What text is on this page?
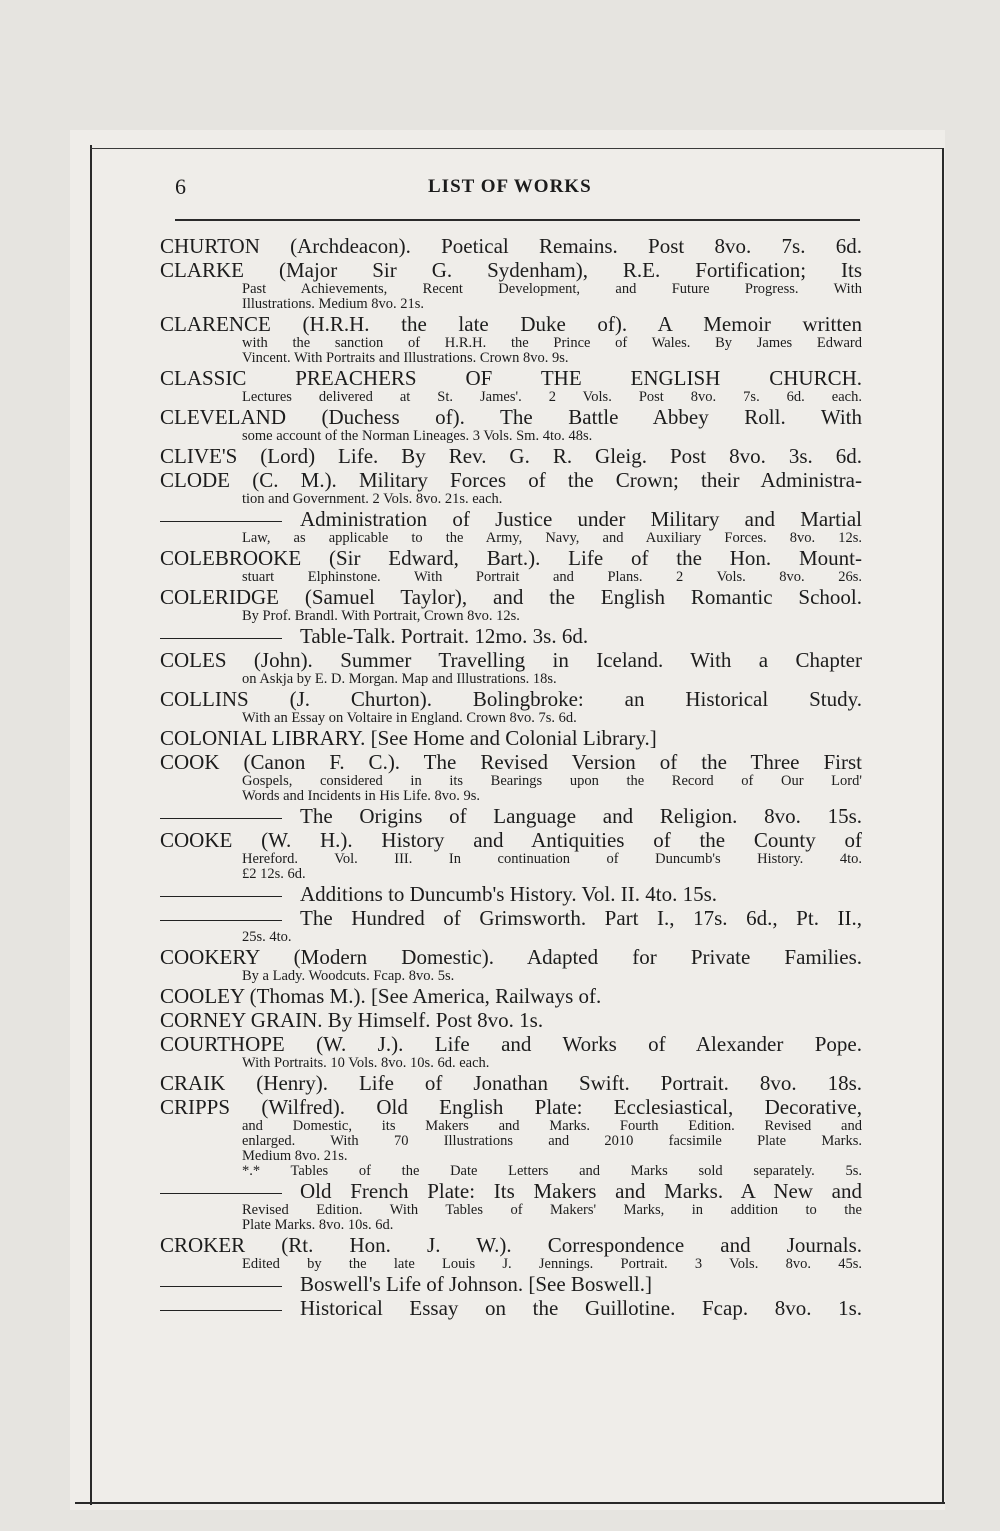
6	LIST OF WORKS

CHURTON (Archdeacon). Poetical Remains. Post 8vo. 7s. 6d.

CLARKE (Major Sir G. Sydenham), R.E. Fortification; Its

Past Achievements, Recent Development, and Future Progress. With

Illustrations. Medium 8vo. 21s.

CLARENCE (H.R.H. the late Duke of). A Memoir written

with the sanction of H.R.H. the Prince of Wales. By James Edward

Vincent. With Portraits and Illustrations. Crown 8vo. 9s.

CLASSIC PREACHERS OF THE ENGLISH CHURCH.

Lectures delivered at St. James'. 2 Vols. Post 8vo. 7s. 6d. each.

CLEVELAND (Duchess of). The Battle Abbey Roll. With

some account of the Norman Lineages. 3 Vols. Sm. 4to. 48s.

CLIVE'S (Lord) Life. By Rev. G. R. Gleig. Post 8vo. 3s. 6d.

CLODE (C. M.). Military Forces of the Crown; their Administra-

tion and Government. 2 Vols. 8vo. 21s. each.

Administration of Justice under Military and Martial

Law, as applicable to the Army, Navy, and Auxiliary Forces. 8vo. 12s.

COLEBROOKE (Sir Edward, Bart.). Life of the Hon. Mount-

stuart Elphinstone. With Portrait and Plans. 2 Vols. 8vo. 26s.

COLERIDGE (Samuel Taylor), and the English Romantic School.

By Prof. Brandl. With Portrait, Crown 8vo. 12s.

Table-Talk. Portrait. 12mo. 3s. 6d.

COLES (John). Summer Travelling in Iceland. With a Chapter

on Askja by E. D. Morgan. Map and Illustrations. 18s.

COLLINS (J. Churton). Bolingbroke: an Historical Study.

With an Essay on Voltaire in England. Crown 8vo. 7s. 6d.

COLONIAL LIBRARY. [See Home and Colonial Library.]

COOK (Canon F. C.). The Revised Version of the Three First

Gospels, considered in its Bearings upon the Record of Our Lord'

Words and Incidents in His Life. 8vo. 9s.

The Origins of Language and Religion. 8vo. 15s.

COOKE (W. H.). History and Antiquities of the County of

Hereford. Vol. III. In continuation of Duncumb's History. 4to.

£2 12s. 6d.

Additions to Duncumb's History. Vol. II. 4to. 15s.

The Hundred of Grimsworth. Part I., 17s. 6d., Pt. II.,

25s. 4to.

COOKERY (Modern Domestic). Adapted for Private Families.

By a Lady. Woodcuts. Fcap. 8vo. 5s.

COOLEY (Thomas M.). [See America, Railways of.

CORNEY GRAIN. By Himself. Post 8vo. 1s.

COURTHOPE (W. J.). Life and Works of Alexander Pope.

With Portraits. 10 Vols. 8vo. 10s. 6d. each.

CRAIK (Henry). Life of Jonathan Swift. Portrait. 8vo. 18s.

CRIPPS (Wilfred). Old English Plate: Ecclesiastical, Decorative,

and Domestic, its Makers and Marks. Fourth Edition. Revised and

enlarged. With 70 Illustrations and 2010 facsimile Plate Marks.

Medium 8vo. 21s.

*.* Tables of the Date Letters and Marks sold separately. 5s.

Old French Plate: Its Makers and Marks. A New and

Revised Edition. With Tables of Makers' Marks, in addition to the

Plate Marks. 8vo. 10s. 6d.

CROKER (Rt. Hon. J. W.). Correspondence and Journals.

Edited by the late Louis J. Jennings. Portrait. 3 Vols. 8vo. 45s.

Boswell's Life of Johnson. [See Boswell.]

Historical Essay on the Guillotine. Fcap. 8vo. 1s.
